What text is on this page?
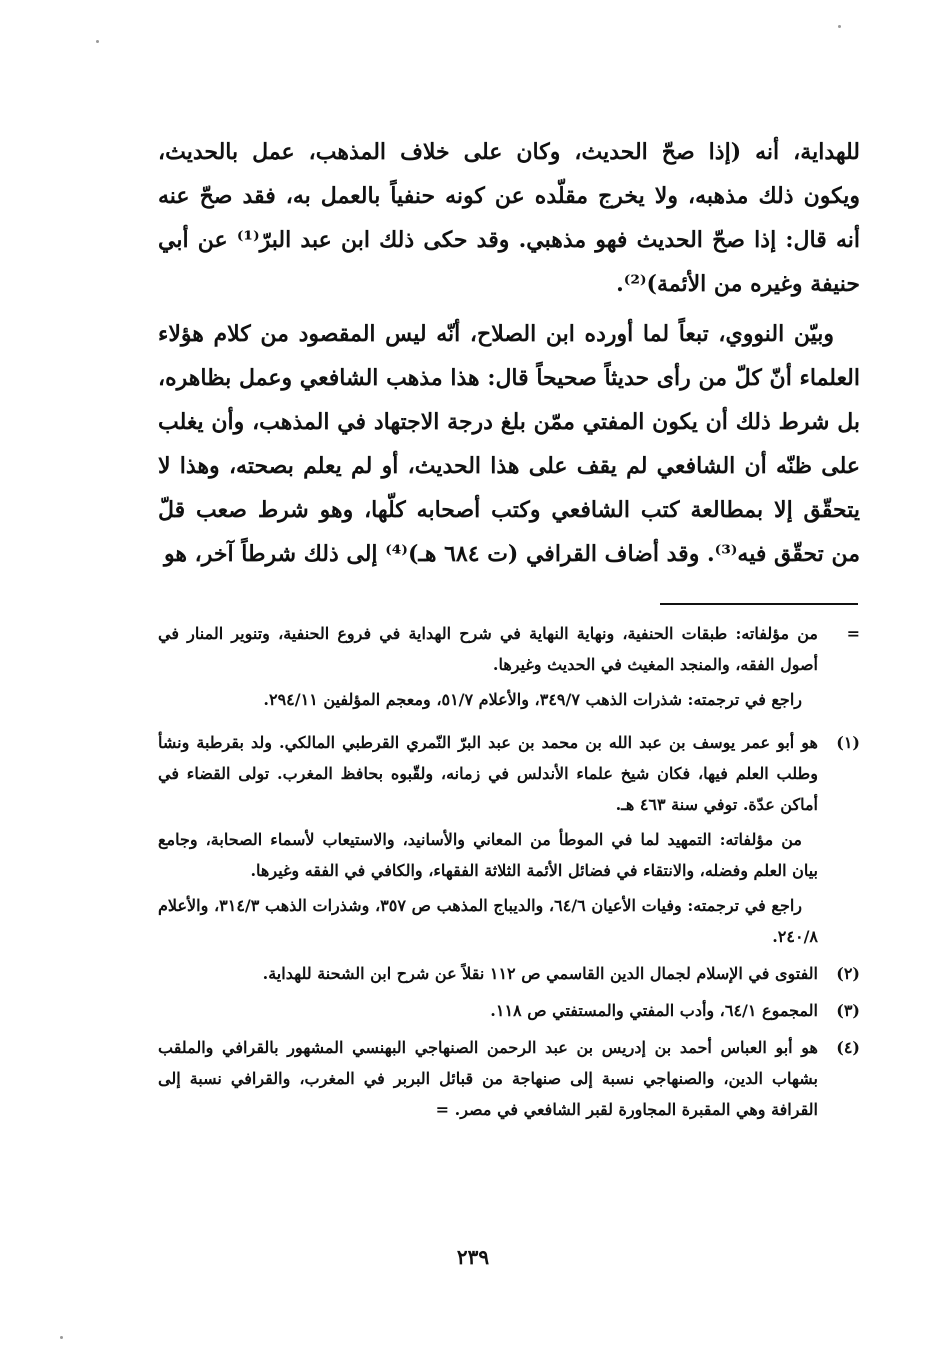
للهداية، أنه (إذا صحّ الحديث، وكان على خلاف المذهب، عمل بالحديث، ويكون ذلك مذهبه، ولا يخرج مقلّده عن كونه حنفياً بالعمل به، فقد صحّ عنه أنه قال: إذا صحّ الحديث فهو مذهبي. وقد حكى ذلك ابن عبد البرّ⁽¹⁾ عن أبي حنيفة وغيره من الأئمة)⁽²⁾.

وبيّن النووي، تبعاً لما أورده ابن الصلاح، أنّه ليس المقصود من كلام هؤلاء العلماء أنّ كلّ من رأى حديثاً صحيحاً قال: هذا مذهب الشافعي وعمل بظاهره، بل شرط ذلك أن يكون المفتي ممّن بلغ درجة الاجتهاد في المذهب، وأن يغلب على ظنّه أن الشافعي لم يقف على هذا الحديث، أو لم يعلم بصحته، وهذا لا يتحقّق إلا بمطالعة كتب الشافعي وكتب أصحابه كلّها، وهو شرط صعب قلّ من تحقّق فيه⁽³⁾. وقد أضاف القرافي (ت ٦٨٤ هـ)⁽⁴⁾ إلى ذلك شرطاً آخر، هو

=
من مؤلفاته: طبقات الحنفية، ونهاية النهاية في شرح الهداية في فروع الحنفية، وتنوير المنار في أصول الفقه، والمنجد المغيث في الحديث وغيرها.
راجع في ترجمته: شذرات الذهب ٣٤٩/٧، والأعلام ٥١/٧، ومعجم المؤلفين ٢٩٤/١١.
(١)
هو أبو عمر يوسف بن عبد الله بن محمد بن عبد البرّ النّمري القرطبي المالكي. ولد بقرطبة ونشأ وطلب العلم فيها، فكان شيخ علماء الأندلس في زمانه، ولقّبوه بحافظ المغرب. تولى القضاء في أماكن عدّة. توفي سنة ٤٦٣ هـ.
من مؤلفاته: التمهيد لما في الموطأ من المعاني والأسانيد، والاستيعاب لأسماء الصحابة، وجامع بيان العلم وفضله، والانتقاء في فضائل الأئمة الثلاثة الفقهاء، والكافي في الفقه وغيرها.
راجع في ترجمته: وفيات الأعيان ٦٤/٦، والديباج المذهب ص ٣٥٧، وشذرات الذهب ٣١٤/٣، والأعلام ٢٤٠/٨.
(٢)
الفتوى في الإسلام لجمال الدين القاسمي ص ١١٢ نقلاً عن شرح ابن الشحنة للهداية.
(٣)
المجموع ٦٤/١، وأدب المفتي والمستفتي ص ١١٨.
(٤)
هو أبو العباس أحمد بن إدريس بن عبد الرحمن الصنهاجي البهنسي المشهور بالقرافي والملقب بشهاب الدين، والصنهاجي نسبة إلى صنهاجة من قبائل البربر في المغرب، والقرافي نسبة إلى القرافة وهي المقبرة المجاورة لقبر الشافعي في مصر. =
٢٣٩
